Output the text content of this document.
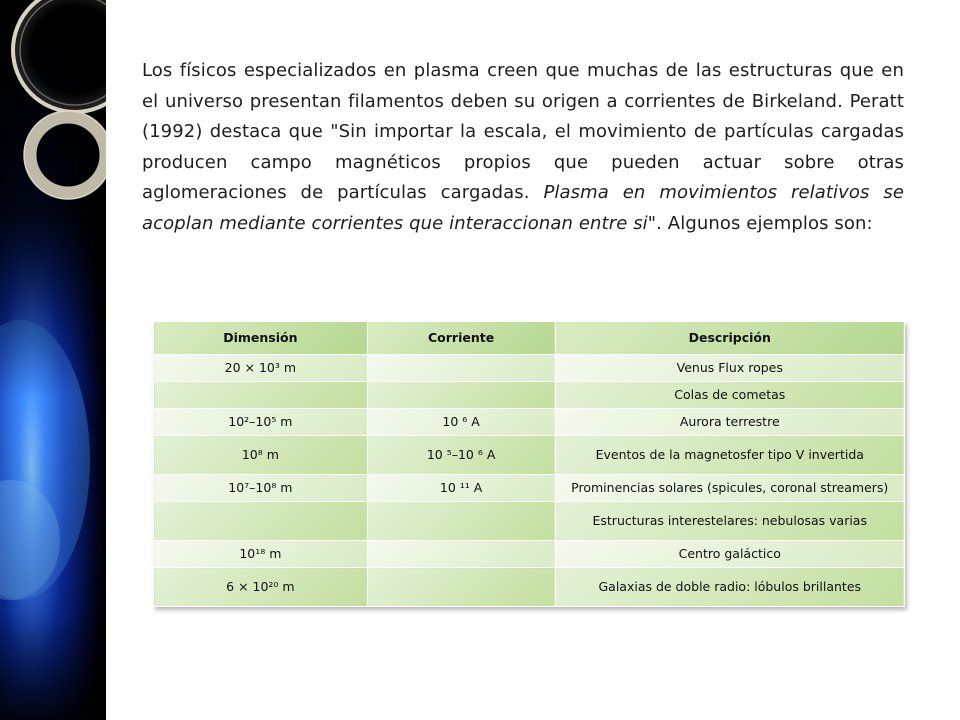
Los físicos especializados en plasma creen que muchas de las estructuras que en el universo presentan filamentos deben su origen a corrientes de Birkeland. Peratt (1992) destaca que "Sin importar la escala, el movimiento de partículas cargadas producen campo magnéticos propios que pueden actuar sobre otras aglomeraciones de partículas cargadas. Plasma en movimientos relativos se acoplan mediante corrientes que interaccionan entre si". Algunos ejemplos son:

Dimensión	Corriente	Descripción
20 × 10³ m		Venus Flux ropes
		Colas de cometas
10²–10⁵ m	10 ⁶ A	Aurora terrestre
10⁸ m	10 ⁵–10 ⁶ A	Eventos de la magnetosfer tipo V invertida
10⁷–10⁸ m	10 ¹¹ A	Prominencias solares (spicules, coronal streamers)
		Estructuras interestelares: nebulosas varias
10¹⁸ m		Centro galáctico
6 × 10²⁰ m		Galaxias de doble radio: lóbulos brillantes
